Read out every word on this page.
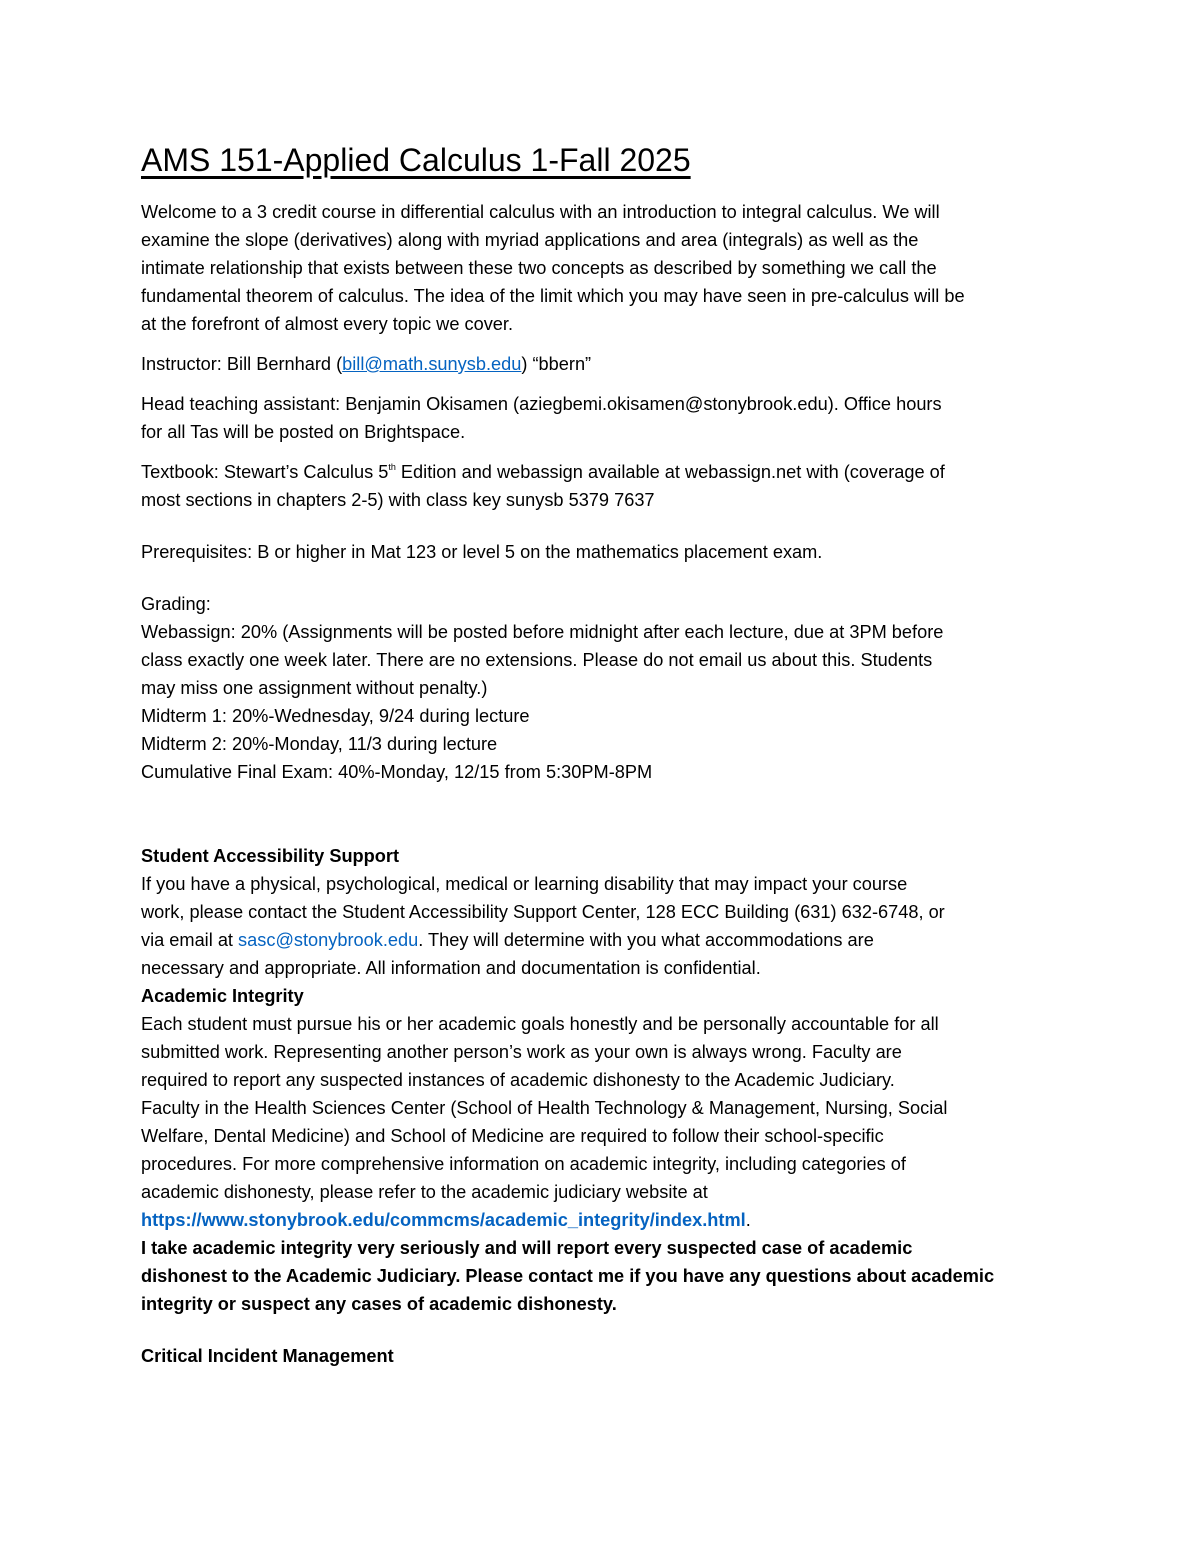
AMS 151-Applied Calculus 1-Fall 2025

Welcome to a 3 credit course in differential calculus with an introduction to integral calculus. We will
examine the slope (derivatives) along with myriad applications and area (integrals) as well as the
intimate relationship that exists between these two concepts as described by something we call the
fundamental theorem of calculus. The idea of the limit which you may have seen in pre-calculus will be
at the forefront of almost every topic we cover.

Instructor: Bill Bernhard (bill@math.sunysb.edu) “bbern”

Head teaching assistant: Benjamin Okisamen (aziegbemi.okisamen@stonybrook.edu). Office hours
for all Tas will be posted on Brightspace.

Textbook: Stewart’s Calculus 5th Edition and webassign available at webassign.net with (coverage of
most sections in chapters 2-5) with class key sunysb 5379 7637

Prerequisites: B or higher in Mat 123 or level 5 on the mathematics placement exam.

Grading:
Webassign: 20% (Assignments will be posted before midnight after each lecture, due at 3PM before
class exactly one week later. There are no extensions. Please do not email us about this. Students
may miss one assignment without penalty.)
Midterm 1: 20%-Wednesday, 9/24 during lecture
Midterm 2: 20%-Monday, 11/3 during lecture
Cumulative Final Exam: 40%-Monday, 12/15 from 5:30PM-8PM

Student Accessibility Support
If you have a physical, psychological, medical or learning disability that may impact your course
work, please contact the Student Accessibility Support Center, 128 ECC Building (631) 632-6748, or
via email at sasc@stonybrook.edu. They will determine with you what accommodations are
necessary and appropriate. All information and documentation is confidential.

Academic Integrity
Each student must pursue his or her academic goals honestly and be personally accountable for all
submitted work. Representing another person’s work as your own is always wrong. Faculty are
required to report any suspected instances of academic dishonesty to the Academic Judiciary.
Faculty in the Health Sciences Center (School of Health Technology & Management, Nursing, Social
Welfare, Dental Medicine) and School of Medicine are required to follow their school-specific
procedures. For more comprehensive information on academic integrity, including categories of
academic dishonesty, please refer to the academic judiciary website at
https://www.stonybrook.edu/commcms/academic_integrity/index.html.
I take academic integrity very seriously and will report every suspected case of academic
dishonest to the Academic Judiciary. Please contact me if you have any questions about academic
integrity or suspect any cases of academic dishonesty.

Critical Incident Management
